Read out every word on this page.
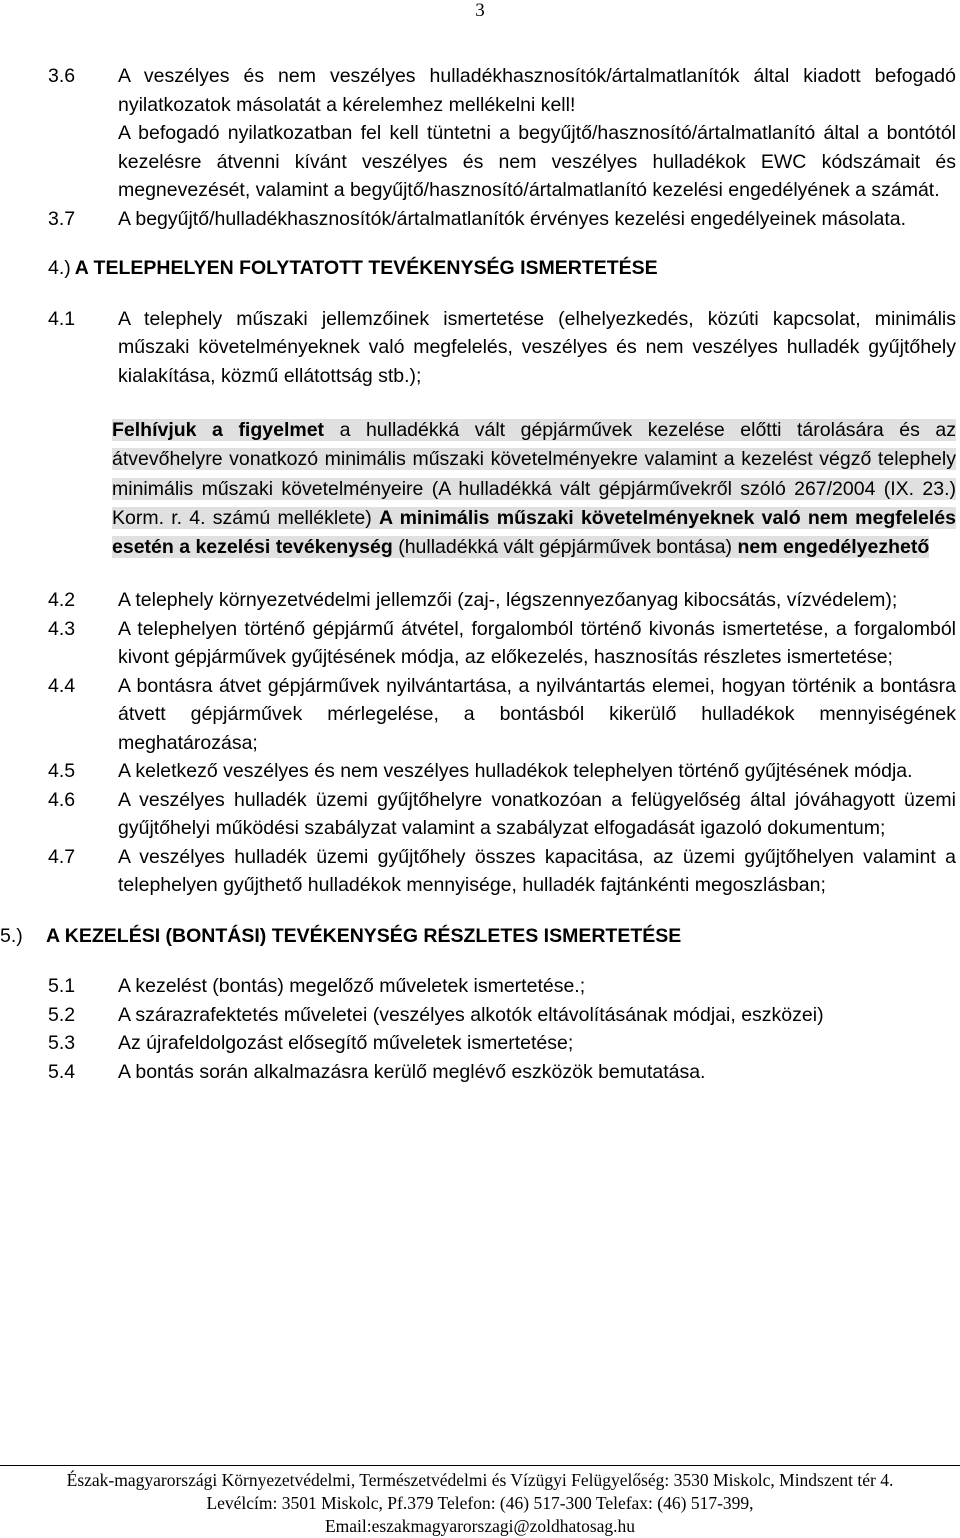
3
3.6 A veszélyes és nem veszélyes hulladékhasznosítók/ártalmatlanítók által kiadott befogadó nyilatkozatok másolatát a kérelemhez mellékelni kell!

A befogadó nyilatkozatban fel kell tüntetni a begyűjtő/hasznosító/ártalmatlanító által a bontótól kezelésre átvenni kívánt veszélyes és nem veszélyes hulladékok EWC kódszámait és megnevezését, valamint a begyűjtő/hasznosító/ártalmatlanító kezelési engedélyének a számát.

3.7 A begyűjtő/hulladékhasznosítók/ártalmatlanítók érvényes kezelési engedélyeinek másolata.

4.) A TELEPHELYEN FOLYTATOTT TEVÉKENYSÉG ISMERTETÉSE
4.1 A telephely műszaki jellemzőinek ismertetése (elhelyezkedés, közúti kapcsolat, minimális műszaki követelményeknek való megfelelés, veszélyes és nem veszélyes hulladék gyűjtőhely kialakítása, közmű ellátottság stb.);

Felhívjuk a figyelmet a hulladékká vált gépjárművek kezelése előtti tárolására és az átvevőhelyre vonatkozó minimális műszaki követelményekre valamint a kezelést végző telephely minimális műszaki követelményeire (A hulladékká vált gépjárművekről szóló 267/2004 (IX. 23.) Korm. r. 4. számú melléklete) A minimális műszaki követelményeknek való nem megfelelés esetén a kezelési tevékenység (hulladékká vált gépjárművek bontása) nem engedélyezhető
4.2 A telephely környezetvédelmi jellemzői (zaj-, légszennyezőanyag kibocsátás, vízvédelem);

4.3 A telephelyen történő gépjármű átvétel, forgalomból történő kivonás ismertetése, a forgalomból kivont gépjárművek gyűjtésének módja, az előkezelés, hasznosítás részletes ismertetése;

4.4 A bontásra átvet gépjárművek nyilvántartása, a nyilvántartás elemei, hogyan történik a bontásra átvett gépjárművek mérlegelése, a bontásból kikerülő hulladékok mennyiségének meghatározása;

4.5 A keletkező veszélyes és nem veszélyes hulladékok telephelyen történő gyűjtésének módja.

4.6 A veszélyes hulladék üzemi gyűjtőhelyre vonatkozóan a felügyelőség által jóváhagyott üzemi gyűjtőhelyi működési szabályzat valamint a szabályzat elfogadását igazoló dokumentum;

4.7 A veszélyes hulladék üzemi gyűjtőhely összes kapacitása, az üzemi gyűjtőhelyen valamint a telephelyen gyűjthető hulladékok mennyisége, hulladék fajtánkénti megoszlásban;

5.) A KEZELÉSI (BONTÁSI) TEVÉKENYSÉG RÉSZLETES ISMERTETÉSE
5.1 A kezelést (bontás) megelőző műveletek ismertetése.;

5.2 A szárazrafektetés műveletei (veszélyes alkotók eltávolításának módjai, eszközei)

5.3 Az újrafeldolgozást elősegítő műveletek ismertetése;

5.4 A bontás során alkalmazásra kerülő meglévő eszközök bemutatása.

Észak-magyarországi Környezetvédelmi, Természetvédelmi és Vízügyi Felügyelőség: 3530 Miskolc, Mindszent tér 4.
Levélcím: 3501 Miskolc, Pf.379 Telefon: (46) 517-300 Telefax: (46) 517-399,
Email:eszakmagyarorszagi@zoldhatosag.hu
